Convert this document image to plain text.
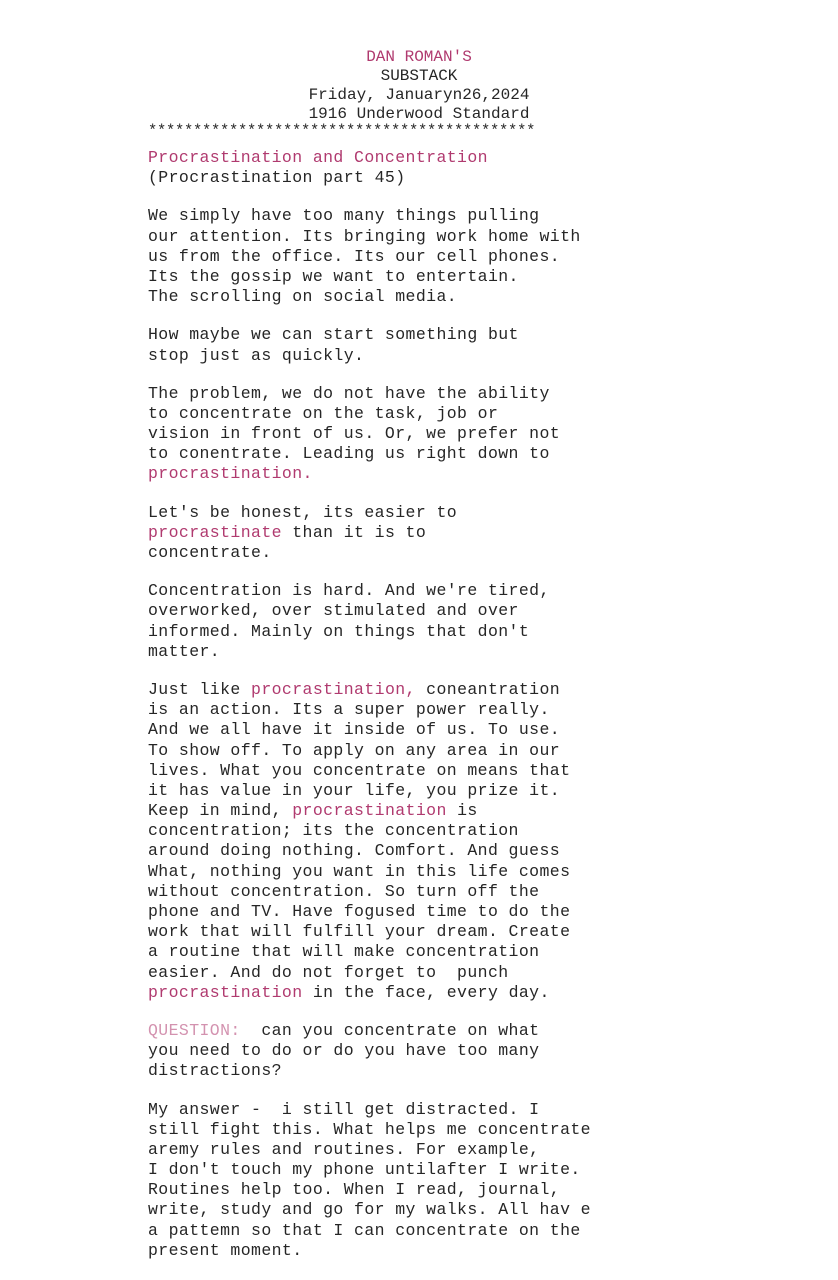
DAN ROMAN'S
SUBSTACK
Friday, Januaryn26,2024
1916 Underwood Standard
*******************************************
Procrastination and Concentration
(Procrastination part 45)
We simply have too many things pulling
our attention. Its bringing work home with
us from the office. Its our cell phones.
Its the gossip we want to entertain.
The scrolling on social media.
How maybe we can start something but
stop just as quickly.
The problem, we do not have the ability
to concentrate on the task, job or
vision in front of us. Or, we prefer not
to conentrate. Leading us right down to
procrastination.
Let's be honest, its easier to
procrastinate than it is to
concentrate.
Concentration is hard. And we're tired,
overworked, over stimulated and over
informed. Mainly on things that don't
matter.
Just like procrastination, coneantration
is an action. Its a super power really.
And we all have it inside of us. To use.
To show off. To apply on any area in our
lives. What you concentrate on means that
it has value in your life, you prize it.
Keep in mind, procrastination is
concentration; its the concentration
around doing nothing. Comfort. And guess
What, nothing you want in this life comes
without concentration. So turn off the
phone and TV. Have fogused time to do the
work that will fulfill your dream. Create
a routine that will make concentration
easier. And do not forget to  punch
procrastination in the face, every day.
QUESTION:  can you concentrate on what
you need to do or do you have too many
distractions?
My answer -  i still get distracted. I
still fight this. What helps me concentrate
aremy rules and routines. For example,
I don't touch my phone untilafter I write.
Routines help too. When I read, journal,
write, study and go for my walks. All hav e
a pattemn so that I can concentrate on the
present moment.
